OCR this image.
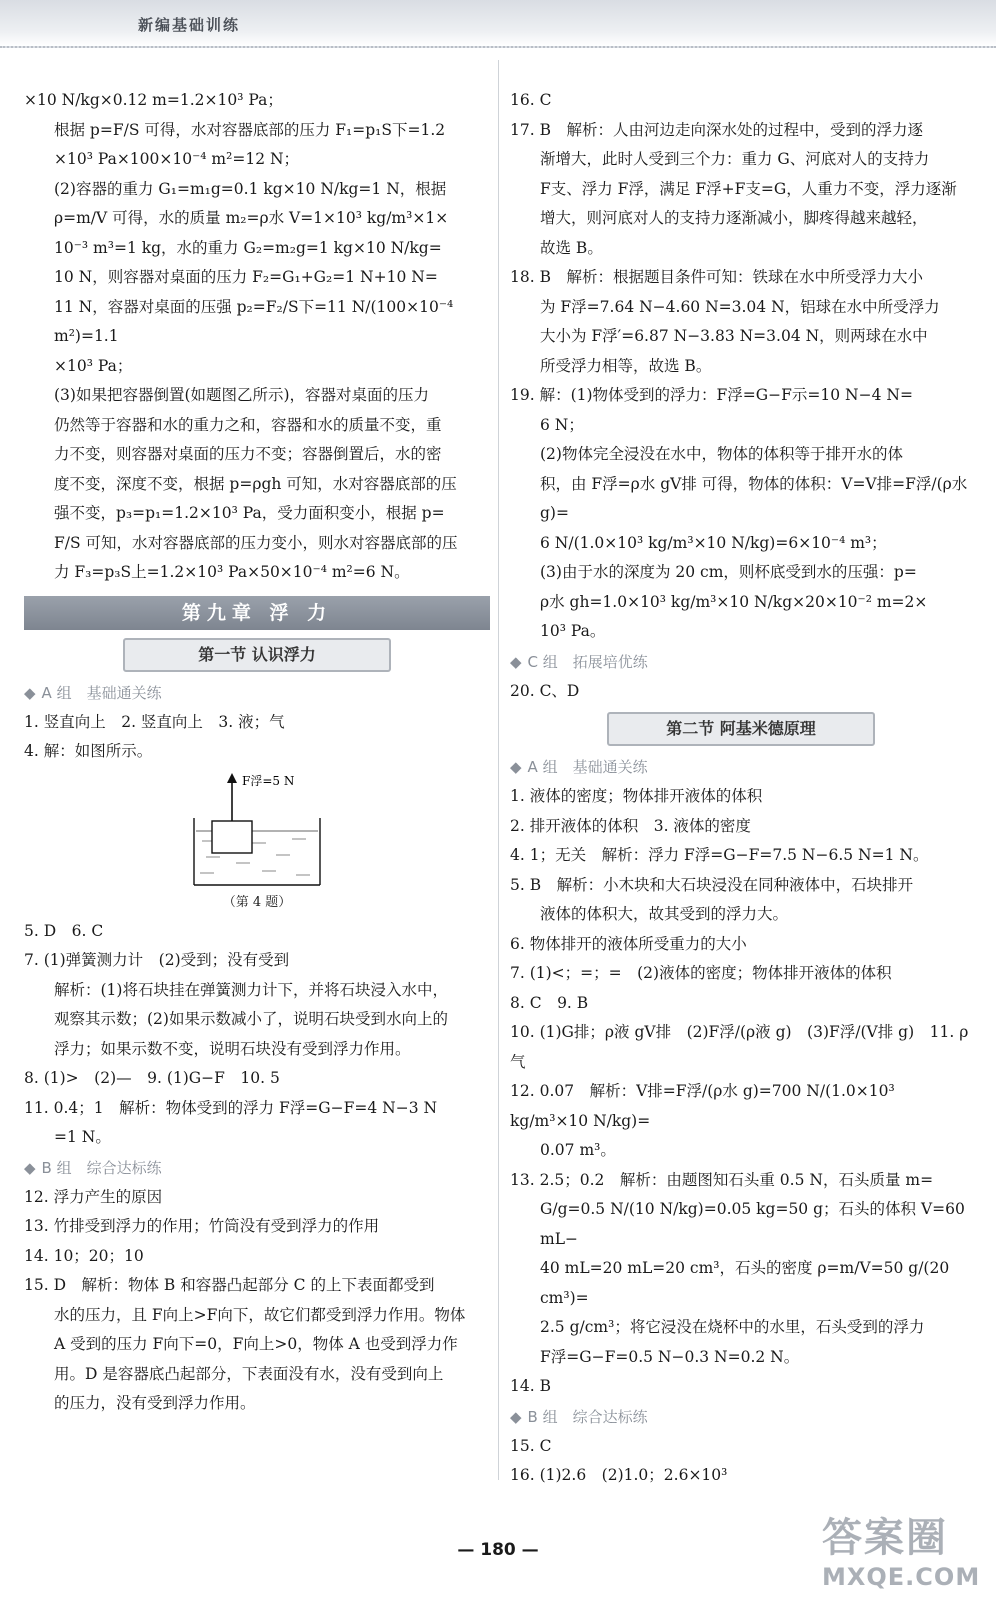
新编基础训练

×10 N/kg×0.12 m=1.2×10³ Pa；

根据 p=F/S 可得，水对容器底部的压力 F₁=p₁S下=1.2

×10³ Pa×100×10⁻⁴ m²=12 N；

(2)容器的重力 G₁=m₁g=0.1 kg×10 N/kg=1 N，根据

ρ=m/V 可得，水的质量 m₂=ρ水 V=1×10³ kg/m³×1×

10⁻³ m³=1 kg，水的重力 G₂=m₂g=1 kg×10 N/kg=

10 N，则容器对桌面的压力 F₂=G₁+G₂=1 N+10 N=

11 N，容器对桌面的压强 p₂=F₂/S下=11 N/(100×10⁻⁴ m²)=1.1

×10³ Pa；

(3)如果把容器倒置(如题图乙所示)，容器对桌面的压力

仍然等于容器和水的重力之和，容器和水的质量不变，重

力不变，则容器对桌面的压力不变；容器倒置后，水的密

度不变，深度不变，根据 p=ρgh 可知，水对容器底部的压

强不变，p₃=p₁=1.2×10³ Pa，受力面积变小，根据 p=

F/S 可知，水对容器底部的压力变小，则水对容器底部的压

力 F₃=p₃S上=1.2×10³ Pa×50×10⁻⁴ m²=6 N。

第九章 浮 力
第一节 认识浮力
◆ A 组　基础通关练

1. 竖直向上　2. 竖直向上　3. 液；气

4. 解：如图所示。

F浮=5 N
（第 4 题）

5. D　6. C

7. (1)弹簧测力计　(2)受到；没有受到

解析：(1)将石块挂在弹簧测力计下，并将石块浸入水中，

观察其示数；(2)如果示数减小了，说明石块受到水向上的

浮力；如果示数不变，说明石块没有受到浮力作用。

8. (1)>　(2)—　9. (1)G−F　10. 5

11. 0.4；1　解析：物体受到的浮力 F浮=G−F=4 N−3 N

=1 N。

◆ B 组　综合达标练

12. 浮力产生的原因

13. 竹排受到浮力的作用；竹筒没有受到浮力的作用

14. 10；20；10

15. D　解析：物体 B 和容器凸起部分 C 的上下表面都受到

水的压力，且 F向上>F向下，故它们都受到浮力作用。物体

A 受到的压力 F向下=0，F向上>0，物体 A 也受到浮力作

用。D 是容器底凸起部分，下表面没有水，没有受到向上

的压力，没有受到浮力作用。

16. C

17. B　解析：人由河边走向深水处的过程中，受到的浮力逐

渐增大，此时人受到三个力：重力 G、河底对人的支持力

F支、浮力 F浮，满足 F浮+F支=G，人重力不变，浮力逐渐

增大，则河底对人的支持力逐渐减小，脚疼得越来越轻，

故选 B。

18. B　解析：根据题目条件可知：铁球在水中所受浮力大小

为 F浮=7.64 N−4.60 N=3.04 N，铝球在水中所受浮力

大小为 F浮′=6.87 N−3.83 N=3.04 N，则两球在水中

所受浮力相等，故选 B。

19. 解：(1)物体受到的浮力：F浮=G−F示=10 N−4 N=

6 N；

(2)物体完全浸没在水中，物体的体积等于排开水的体

积，由 F浮=ρ水 gV排 可得，物体的体积：V=V排=F浮/(ρ水 g)=

6 N/(1.0×10³ kg/m³×10 N/kg)=6×10⁻⁴ m³；

(3)由于水的深度为 20 cm，则杯底受到水的压强：p=

ρ水 gh=1.0×10³ kg/m³×10 N/kg×20×10⁻² m=2×

10³ Pa。

◆ C 组　拓展培优练

20. C、D

第二节 阿基米德原理
◆ A 组　基础通关练

1. 液体的密度；物体排开液体的体积

2. 排开液体的体积　3. 液体的密度

4. 1；无关　解析：浮力 F浮=G−F=7.5 N−6.5 N=1 N。

5. B　解析：小木块和大石块浸没在同种液体中，石块排开

液体的体积大，故其受到的浮力大。

6. 物体排开的液体所受重力的大小

7. (1)<；=；=　(2)液体的密度；物体排开液体的体积

8. C　9. B

10. (1)G排；ρ液 gV排　(2)F浮/(ρ液 g)　(3)F浮/(V排 g)　11. ρ气

12. 0.07　解析：V排=F浮/(ρ水 g)=700 N/(1.0×10³ kg/m³×10 N/kg)=

0.07 m³。

13. 2.5；0.2　解析：由题图知石头重 0.5 N，石头质量 m=

G/g=0.5 N/(10 N/kg)=0.05 kg=50 g；石头的体积 V=60 mL−

40 mL=20 mL=20 cm³，石头的密度 ρ=m/V=50 g/(20 cm³)=

2.5 g/cm³；将它浸没在烧杯中的水里，石头受到的浮力

F浮=G−F=0.5 N−0.3 N=0.2 N。

14. B

◆ B 组　综合达标练

15. C

16. (1)2.6　(2)1.0；2.6×10³

— 180 —	答案圈
MXQE.COM
